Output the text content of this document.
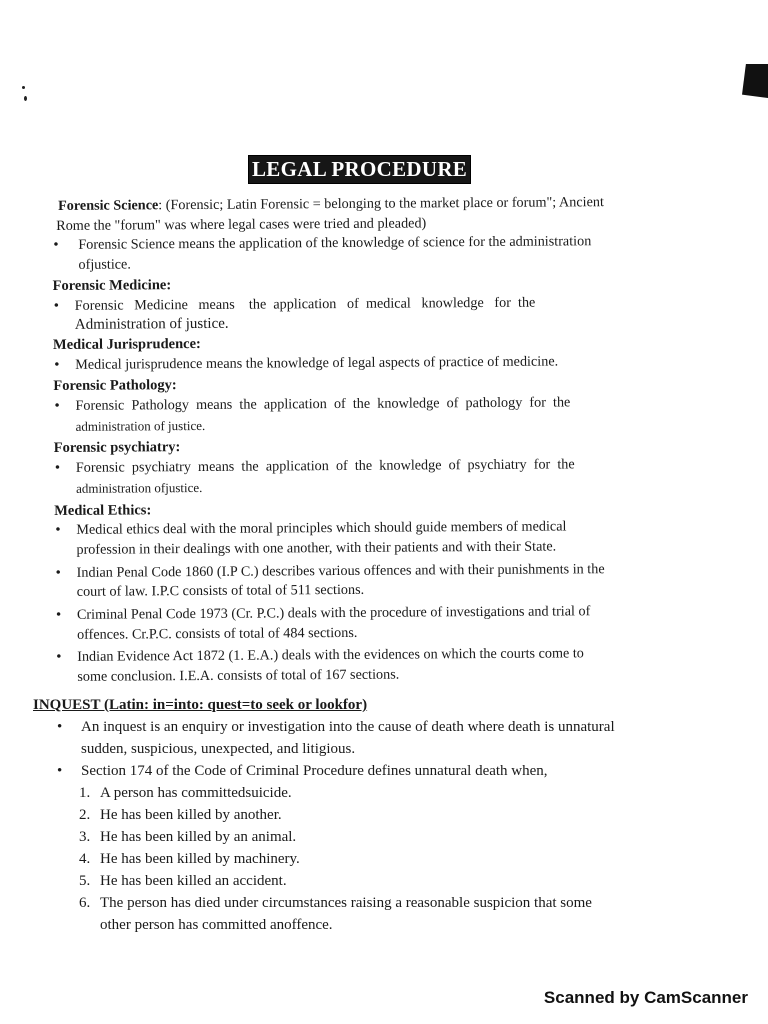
LEGAL PROCEDURE

Forensic Science: (Forensic; Latin Forensic = belonging to the market place or forum"; Ancient

Rome the "forum" was where legal cases were tried and pleaded)

• Forensic Science means the application of the knowledge of science for the administration
ofjustice.

Forensic Medicine:

• Forensic   Medicine   means    the  application   of  medical   knowledge   for  the
Administration of justice.

Medical Jurisprudence:

• Medical jurisprudence means the knowledge of legal aspects of practice of medicine.

Forensic Pathology:

• Forensic  Pathology  means  the  application  of  the  knowledge  of  pathology  for  the
administration of justice.

Forensic psychiatry:

• Forensic  psychiatry  means  the  application  of  the  knowledge  of  psychiatry  for  the
administration ofjustice.

Medical Ethics:

• Medical ethics deal with the moral principles which should guide members of medical
profession in their dealings with one another, with their patients and with their State.

• Indian Penal Code 1860 (I.P C.) describes various offences and with their punishments in the
court of law. I.P.C consists of total of 511 sections.

• Criminal Penal Code 1973 (Cr. P.C.) deals with the procedure of investigations and trial of
offences. Cr.P.C. consists of total of 484 sections.

• Indian Evidence Act 1872 (1. E.A.) deals with the evidences on which the courts come to
some conclusion. I.E.A. consists of total of 167 sections.

INQUEST (Latin: in=into: quest=to seek or lookfor)

• An inquest is an enquiry or investigation into the cause of death where death is unnatural
sudden, suspicious, unexpected, and litigious.

• Section 174 of the Code of Criminal Procedure defines unnatural death when,

1. A person has committedsuicide.
2. He has been killed by another.
3. He has been killed by an animal.
4. He has been killed by machinery.
5. He has been killed an accident.
6. The person has died under circumstances raising a reasonable suspicion that some
other person has committed anoffence.
Scanned by CamScanner
